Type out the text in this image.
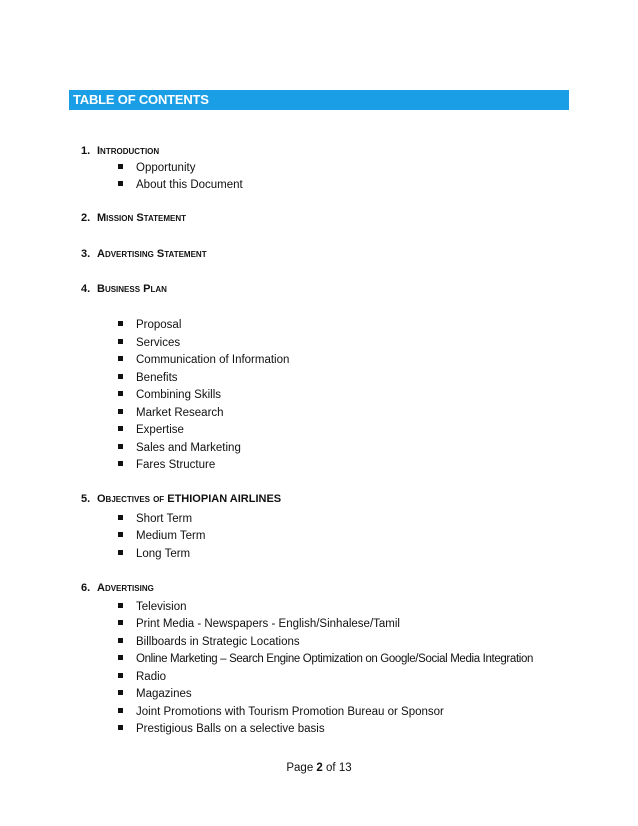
TABLE OF CONTENTS
1. Introduction
Opportunity
About this Document
2. Mission Statement
3. Advertising Statement
4. Business Plan
Proposal
Services
Communication of Information
Benefits
Combining Skills
Market Research
Expertise
Sales and Marketing
Fares Structure
5. Objectives of ETHIOPIAN AIRLINES
Short Term
Medium Term
Long Term
6. Advertising
Television
Print Media - Newspapers - English/Sinhalese/Tamil
Billboards in Strategic Locations
Online Marketing – Search Engine Optimization on Google/Social Media Integration
Radio
Magazines
Joint Promotions with Tourism Promotion Bureau or Sponsor
Prestigious Balls on a selective basis
Page 2 of 13
